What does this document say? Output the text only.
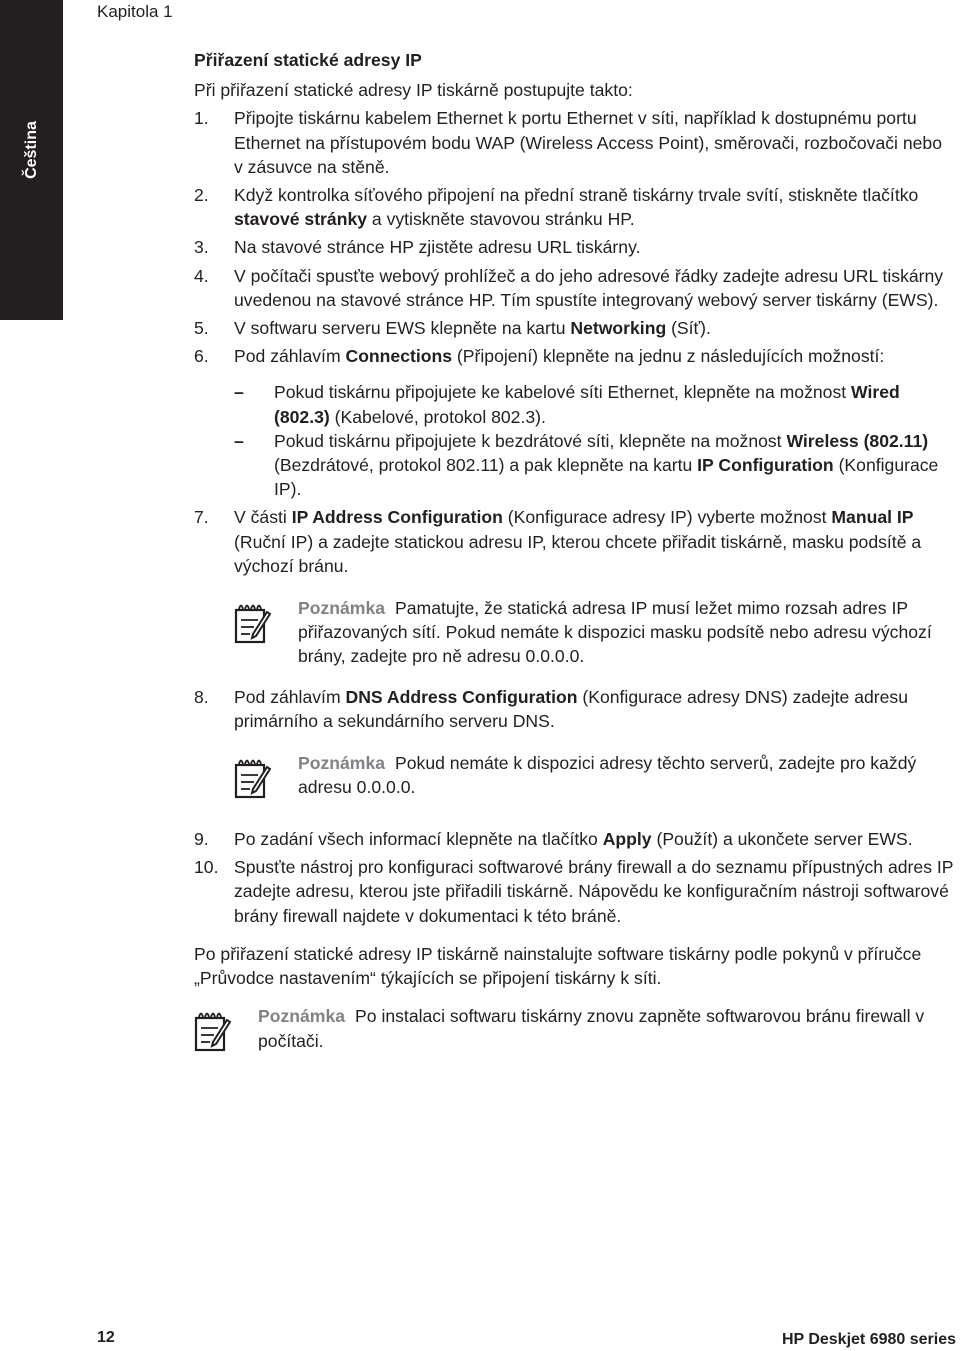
Kapitola 1
Čeština
Přiřazení statické adresy IP
Při přiřazení statické adresy IP tiskárně postupujte takto:
1. Připojte tiskárnu kabelem Ethernet k portu Ethernet v síti, například k dostupnému portu Ethernet na přístupovém bodu WAP (Wireless Access Point), směrovači, rozbočovači nebo v zásuvce na stěně.
2. Když kontrolka síťového připojení na přední straně tiskárny trvale svítí, stiskněte tlačítko stavové stránky a vytiskněte stavovou stránku HP.
3. Na stavové stránce HP zjistěte adresu URL tiskárny.
4. V počítači spusťte webový prohlížeč a do jeho adresové řádky zadejte adresu URL tiskárny uvedenou na stavové stránce HP. Tím spustíte integrovaný webový server tiskárny (EWS).
5. V softwaru serveru EWS klepněte na kartu Networking (Síť).
6. Pod záhlavím Connections (Připojení) klepněte na jednu z následujících možností:
– Pokud tiskárnu připojujete ke kabelové síti Ethernet, klepněte na možnost Wired (802.3) (Kabelové, protokol 802.3).
– Pokud tiskárnu připojujete k bezdrátové síti, klepněte na možnost Wireless (802.11) (Bezdrátové, protokol 802.11) a pak klepněte na kartu IP Configuration (Konfigurace IP).
7. V části IP Address Configuration (Konfigurace adresy IP) vyberte možnost Manual IP (Ruční IP) a zadejte statickou adresu IP, kterou chcete přiřadit tiskárně, masku podsítě a výchozí bránu.
Poznámka Pamatujte, že statická adresa IP musí ležet mimo rozsah adres IP přiřazovaných sítí. Pokud nemáte k dispozici masku podsítě nebo adresu výchozí brány, zadejte pro ně adresu 0.0.0.0.
8. Pod záhlavím DNS Address Configuration (Konfigurace adresy DNS) zadejte adresu primárního a sekundárního serveru DNS.
Poznámka Pokud nemáte k dispozici adresy těchto serverů, zadejte pro každý adresu 0.0.0.0.
9. Po zadání všech informací klepněte na tlačítko Apply (Použít) a ukončete server EWS.
10. Spusťte nástroj pro konfiguraci softwarové brány firewall a do seznamu přípustných adres IP zadejte adresu, kterou jste přiřadili tiskárně. Nápovědu ke konfiguračním nástroji softwarové brány firewall najdete v dokumentaci k této bráně.
Po přiřazení statické adresy IP tiskárně nainstalujte software tiskárny podle pokynů v příručce „Průvodce nastavením“ týkajících se připojení tiskárny k síti.
Poznámka Po instalaci softwaru tiskárny znovu zapněte softwarovou bránu firewall v počítači.
12	HP Deskjet 6980 series
